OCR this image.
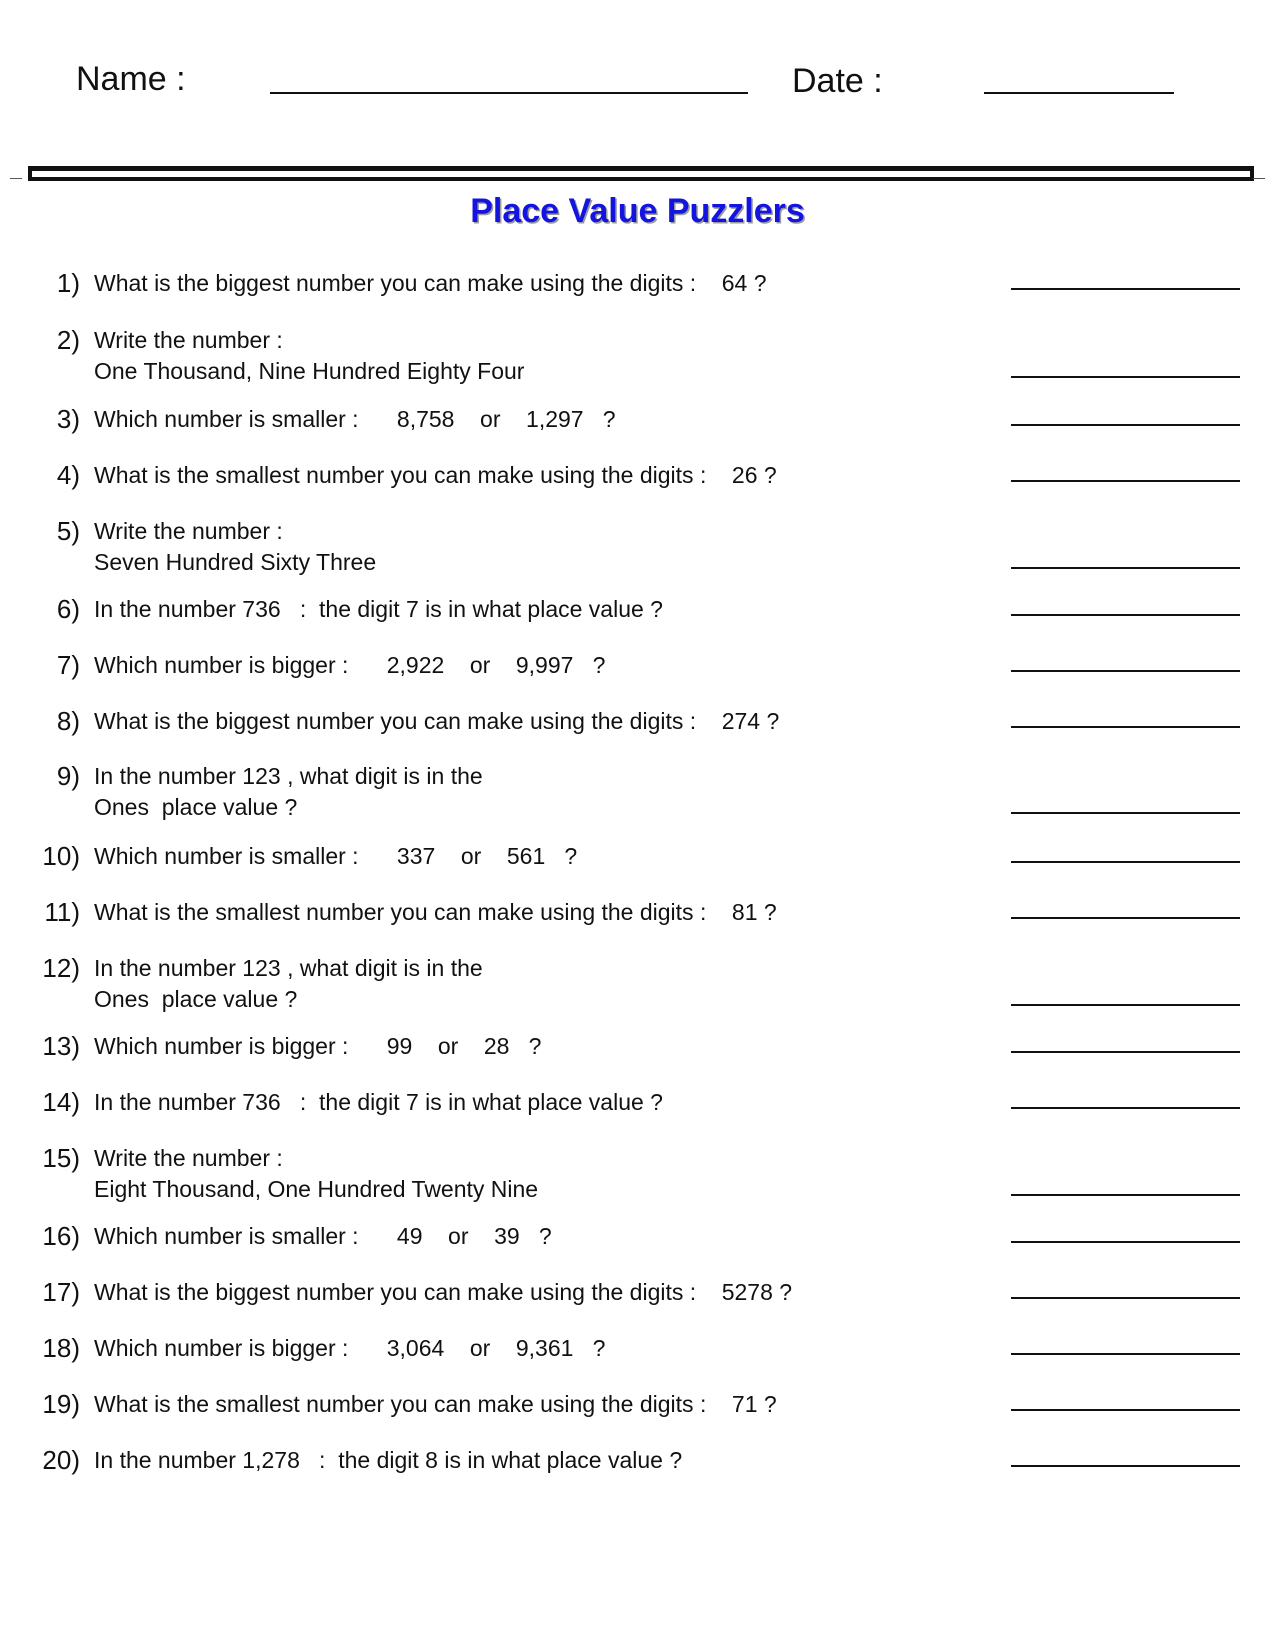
Name :	Date :
Place Value Puzzlers
1) What is the biggest number you can make using the digits :    64 ?
2) Write the number :
One Thousand, Nine Hundred Eighty Four
3) Which number is smaller :      8,758    or    1,297   ?
4) What is the smallest number you can make using the digits :    26 ?
5) Write the number :
Seven Hundred Sixty Three
6) In the number 736   :  the digit 7 is in what place value ?
7) Which number is bigger :      2,922    or    9,997   ?
8) What is the biggest number you can make using the digits :    274 ?
9) In the number 123 , what digit is in the
Ones  place value ?
10) Which number is smaller :      337    or    561   ?
11) What is the smallest number you can make using the digits :    81 ?
12) In the number 123 , what digit is in the
Ones  place value ?
13) Which number is bigger :      99    or    28   ?
14) In the number 736   :  the digit 7 is in what place value ?
15) Write the number :
Eight Thousand, One Hundred Twenty Nine
16) Which number is smaller :      49    or    39   ?
17) What is the biggest number you can make using the digits :    5278 ?
18) Which number is bigger :      3,064    or    9,361   ?
19) What is the smallest number you can make using the digits :    71 ?
20) In the number 1,278   :  the digit 8 is in what place value ?
